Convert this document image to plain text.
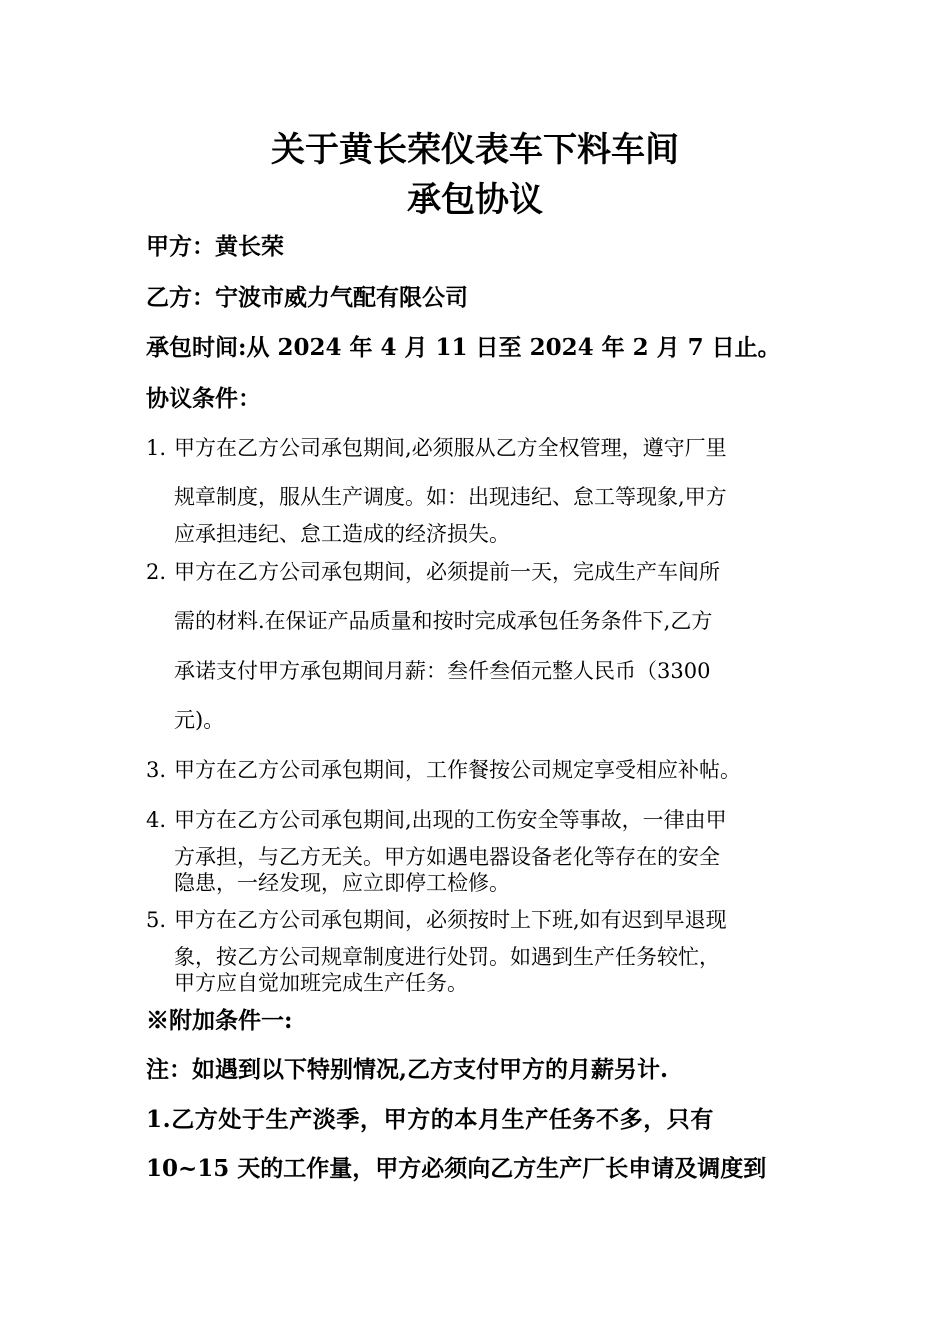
关于黄长荣仪表车下料车间
承包协议
甲方：黄长荣
乙方：宁波市威力气配有限公司
承包时间:从 2024 年 4 月 11 日至 2024 年 2 月 7 日止。
协议条件：
1. 甲方在乙方公司承包期间,必须服从乙方全权管理，遵守厂里
规章制度，服从生产调度。如：出现违纪、怠工等现象,甲方
应承担违纪、怠工造成的经济损失。
2. 甲方在乙方公司承包期间，必须提前一天，完成生产车间所
需的材料.在保证产品质量和按时完成承包任务条件下,乙方
承诺支付甲方承包期间月薪：叁仟叁佰元整人民币（3300
元)。
3. 甲方在乙方公司承包期间，工作餐按公司规定享受相应补帖。
4. 甲方在乙方公司承包期间,出现的工伤安全等事故，一律由甲
方承担，与乙方无关。甲方如遇电器设备老化等存在的安全
隐患，一经发现，应立即停工检修。
5. 甲方在乙方公司承包期间，必须按时上下班,如有迟到早退现
象，按乙方公司规章制度进行处罚。如遇到生产任务较忙，
甲方应自觉加班完成生产任务。
※附加条件一:
注：如遇到以下特别情况,乙方支付甲方的月薪另计.
1.乙方处于生产淡季，甲方的本月生产任务不多，只有
10~15 天的工作量，甲方必须向乙方生产厂长申请及调度到
